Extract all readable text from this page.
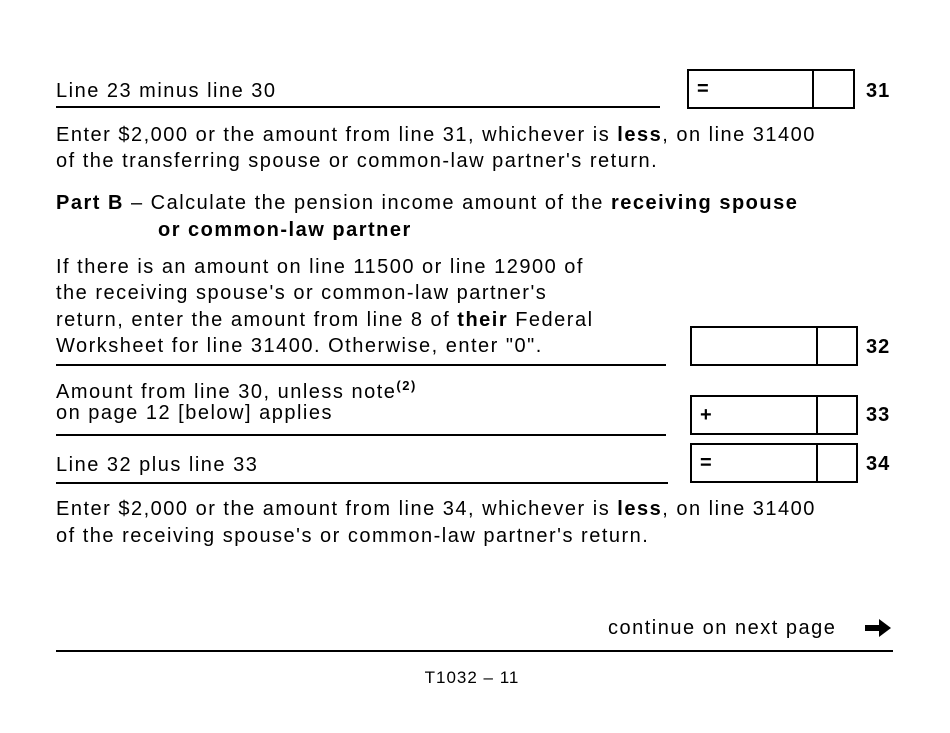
Line 23 minus line 30	=	31
Enter $2,000 or the amount from line 31, whichever is less, on line 31400
of the transferring spouse or common-law partner's return.
Part B – Calculate the pension income amount of the receiving spouse
or common-law partner
If there is an amount on line 11500 or line 12900 of
the receiving spouse's or common-law partner's
return, enter the amount from line 8 of their Federal
Worksheet for line 31400. Otherwise, enter "0".	32
Amount from line 30, unless note$^{(2)}$
on page 12 [below] applies	+	33
Line 32 plus line 33	=	34
Enter $2,000 or the amount from line 34, whichever is less, on line 31400
of the receiving spouse's or common-law partner's return.
continue on next page
T1032 – 11
